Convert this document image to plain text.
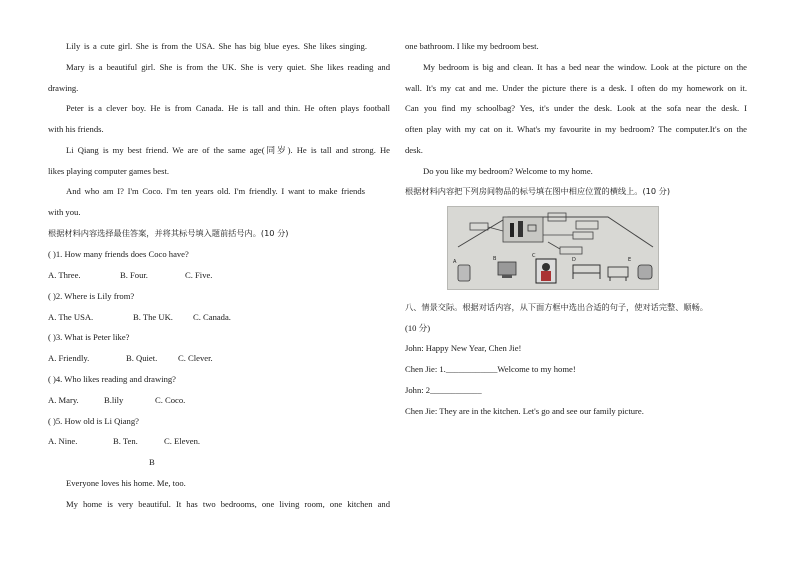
Lily is a cute girl. She is from the USA. She has big blue eyes. She likes singing.
Mary is a beautiful girl. She is from the UK. She is very quiet. She likes reading and
drawing.
Peter is a clever boy. He is from Canada. He is tall and thin. He often plays football
with his friends.
Li Qiang is my best friend. We are of the same age(同岁). He is tall and strong. He
likes playing computer games best.
And who am I? I'm Coco. I'm ten years old. I'm friendly. I want to make friends
with you.
根据材料内容选择最佳答案，并将其标号填入题前括号内。(10 分)
( )1. How many friends does Coco have?
A. Three.	B. Four.	C. Five.
( )2. Where is Lily from?
A. The USA.	B. The UK. C. Canada.
( )3. What is Peter like?
A. Friendly.	B. Quiet. C. Clever.
( )4. Who likes reading and drawing?
A. Mary.	B.lily	C. Coco.
( )5. How old is Li Qiang?
A. Nine.	B. Ten.	C. Eleven.
B
Everyone loves his home. Me, too.
My home is very beautiful. It has two bedrooms, one living room, one kitchen and
one bathroom. I like my bedroom best.
My bedroom is big and clean. It has a bed near the window. Look at the picture on the
wall. It's my cat and me. Under the picture there is a desk. I often do my homework on it.
Can you find my schoolbag? Yes, it's under the desk. Look at the sofa near the desk. I
often play with my cat on it. What's my favourite in my bedroom? The computer.It's on the
desk.
Do you like my bedroom? Welcome to my home.
根据材料内容把下列房间物品的标号填在图中相应位置的横线上。(10 分)
A	B	C
D	E
八、情景交际。根据对话内容，从下面方框中选出合适的句子，使对话完整、顺畅。
(10 分)
John: Happy New Year, Chen Jie!
Chen Jie: 1.____________Welcome to my home!
John: 2____________
Chen Jie: They are in the kitchen. Let's go and see our family picture.
